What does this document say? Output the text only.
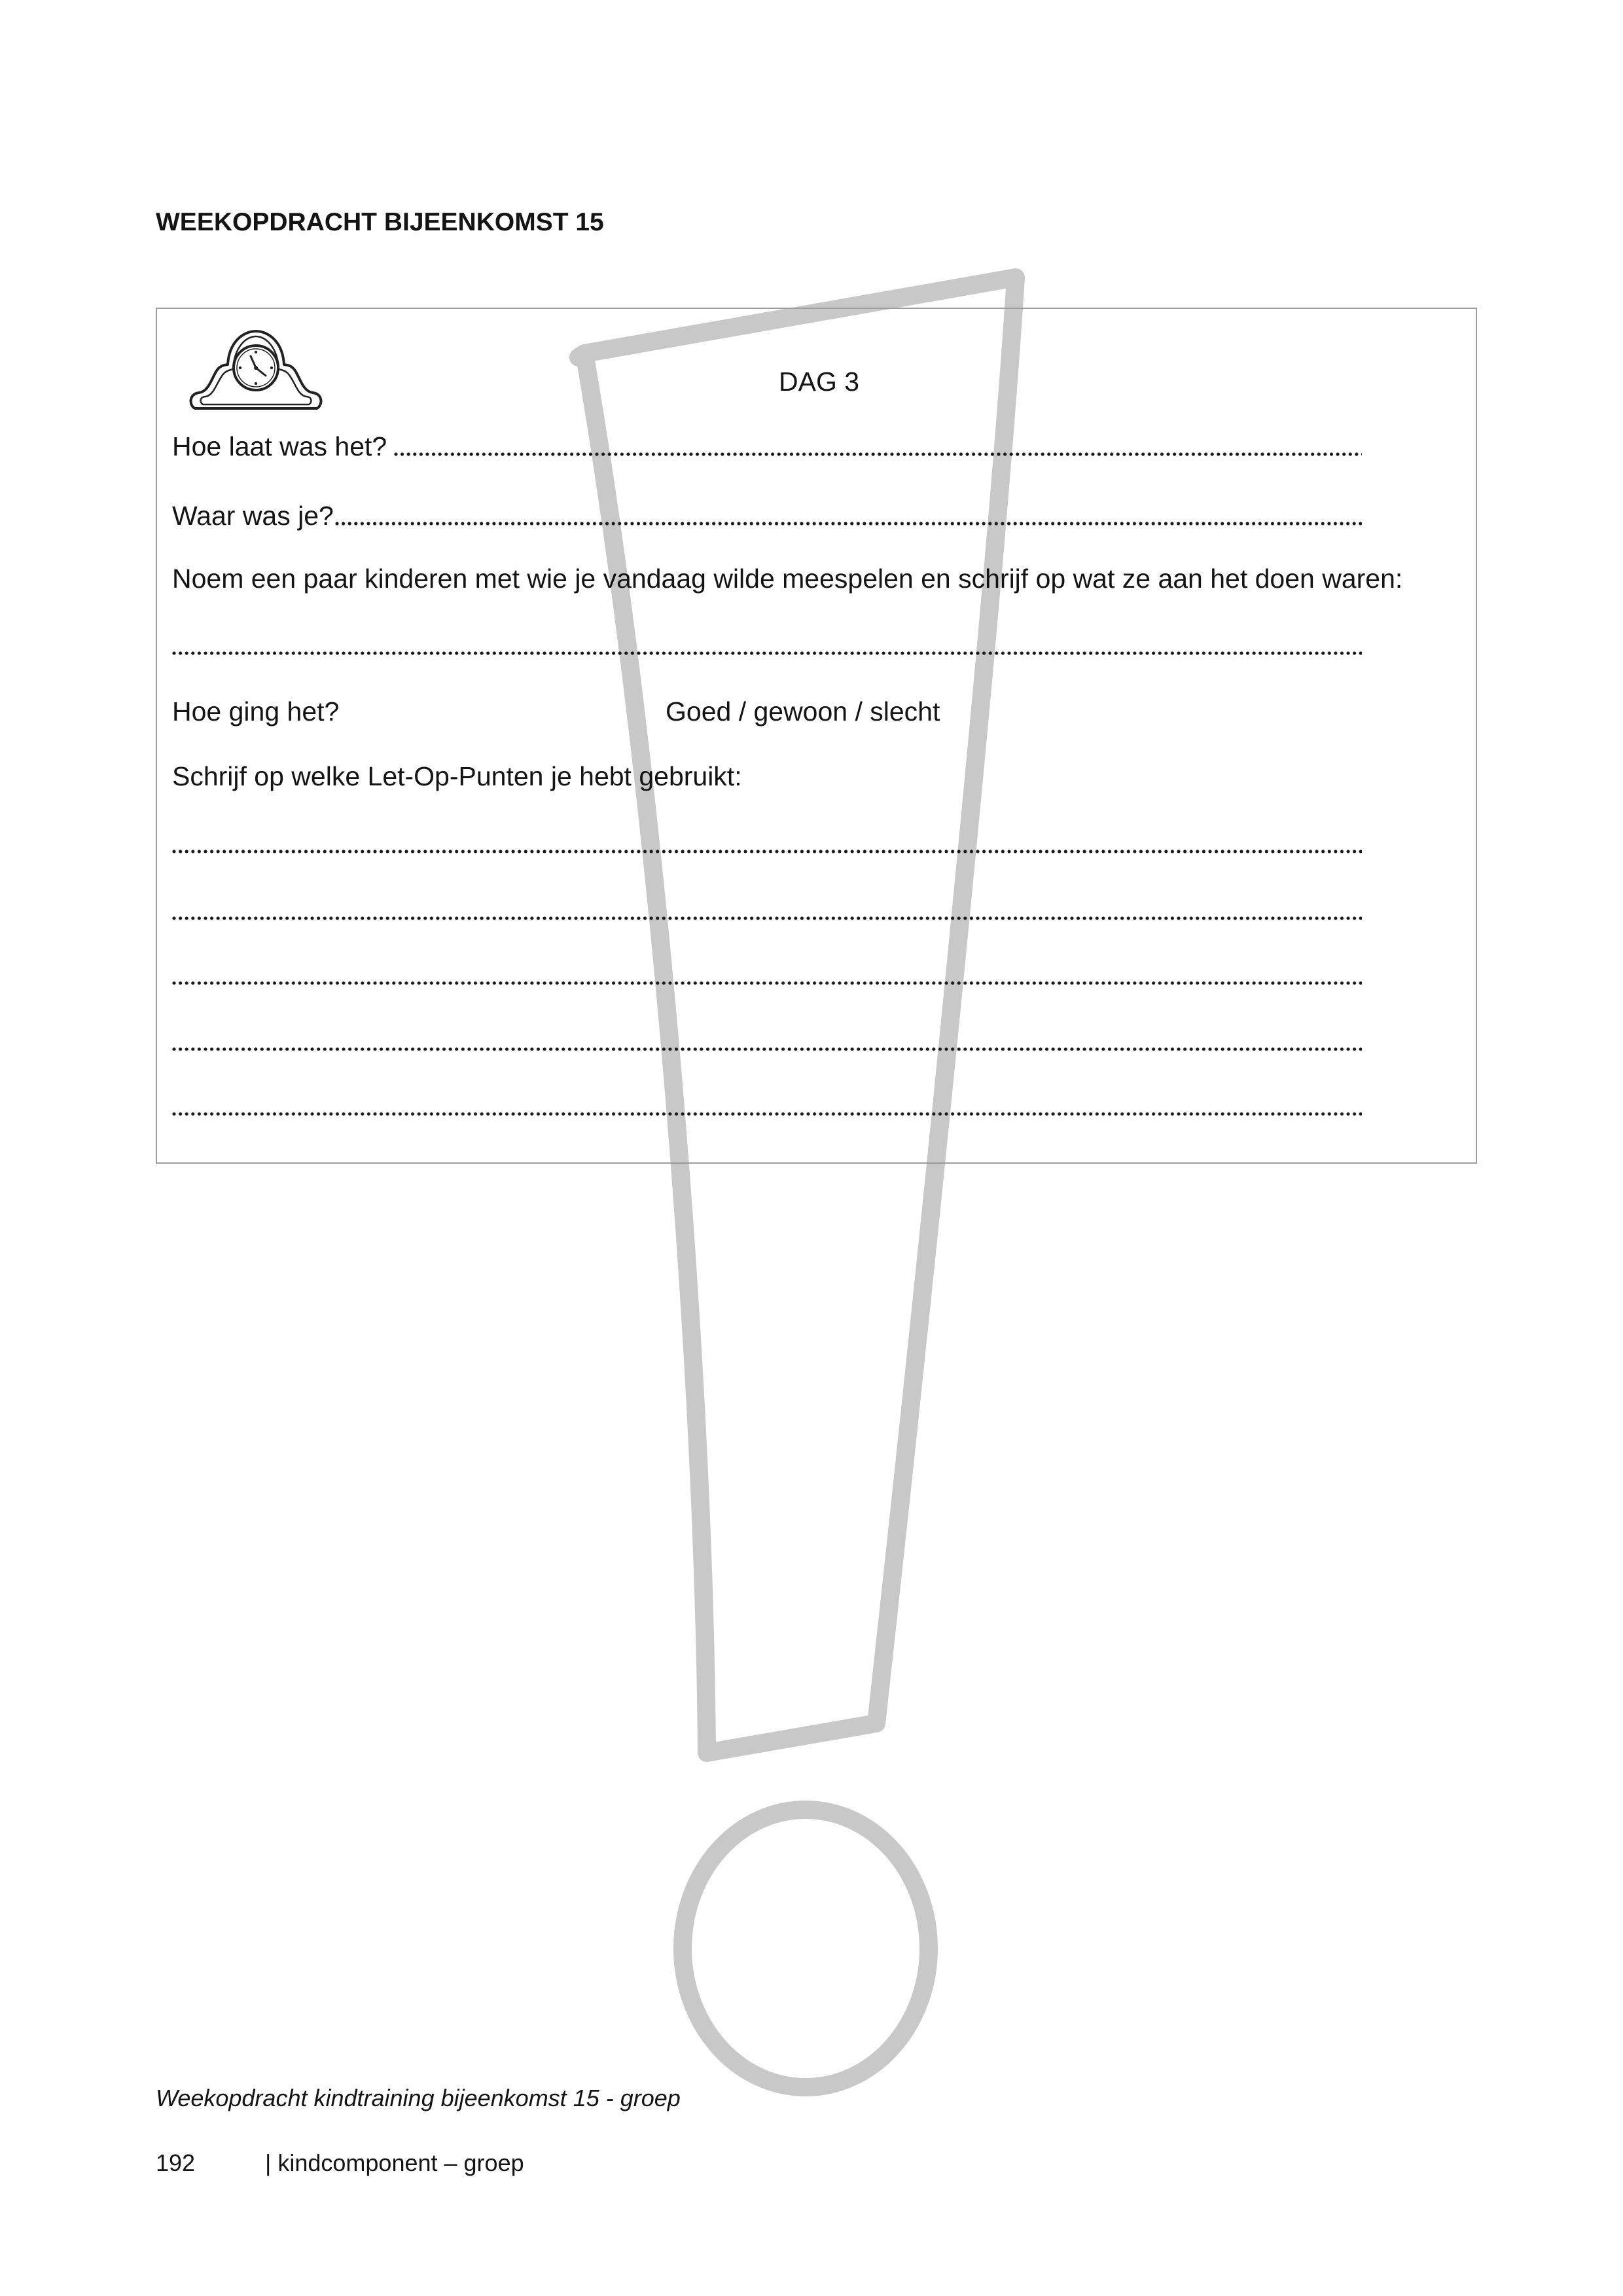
WEEKOPDRACHT BIJEENKOMST 15
DAG 3
Hoe laat was het?
Waar was je?
Noem een paar kinderen met wie je vandaag wilde meespelen en schrijf op wat ze aan het doen waren:
Hoe ging het?	Goed / gewoon / slecht
Schrijf op welke Let-Op-Punten je hebt gebruikt:
Weekopdracht kindtraining bijeenkomst 15 - groep
192	| kindcomponent – groep
